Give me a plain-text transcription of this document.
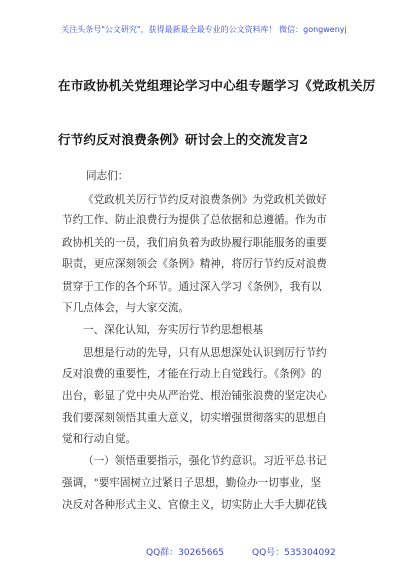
关注头条号"公文研究"，获得最新最全最专业的公文资料库！ 微信：gongwenyj
在市政协机关党组理论学习中心组专题学习《党政机关厉
行节约反对浪费条例》研讨会上的交流发言2
同志们：
《党政机关厉行节约反对浪费条例》为党政机关做好
节约工作、防止浪费行为提供了总依据和总遵循。作为市
政协机关的一员，我们肩负着为政协履行职能服务的重要
职责，更应深刻领会《条例》精神，将厉行节约反对浪费
贯穿于工作的各个环节。通过深入学习《条例》，我有以
下几点体会，与大家交流。
一、深化认知，夯实厉行节约思想根基
思想是行动的先导，只有从思想深处认识到厉行节约
反对浪费的重要性，才能在行动上自觉践行。《条例》的
出台，彰显了党中央从严治党、根治铺张浪费的坚定决心
我们要深刻领悟其重大意义，切实增强贯彻落实的思想自
觉和行动自觉。
（一）领悟重要指示，强化节约意识。习近平总书记
强调，"要牢固树立过紧日子思想，勤俭办一切事业，坚
决反对各种形式主义、官僚主义，切实防止大手大脚花钱
QQ群：30265665	QQ号：535304092
